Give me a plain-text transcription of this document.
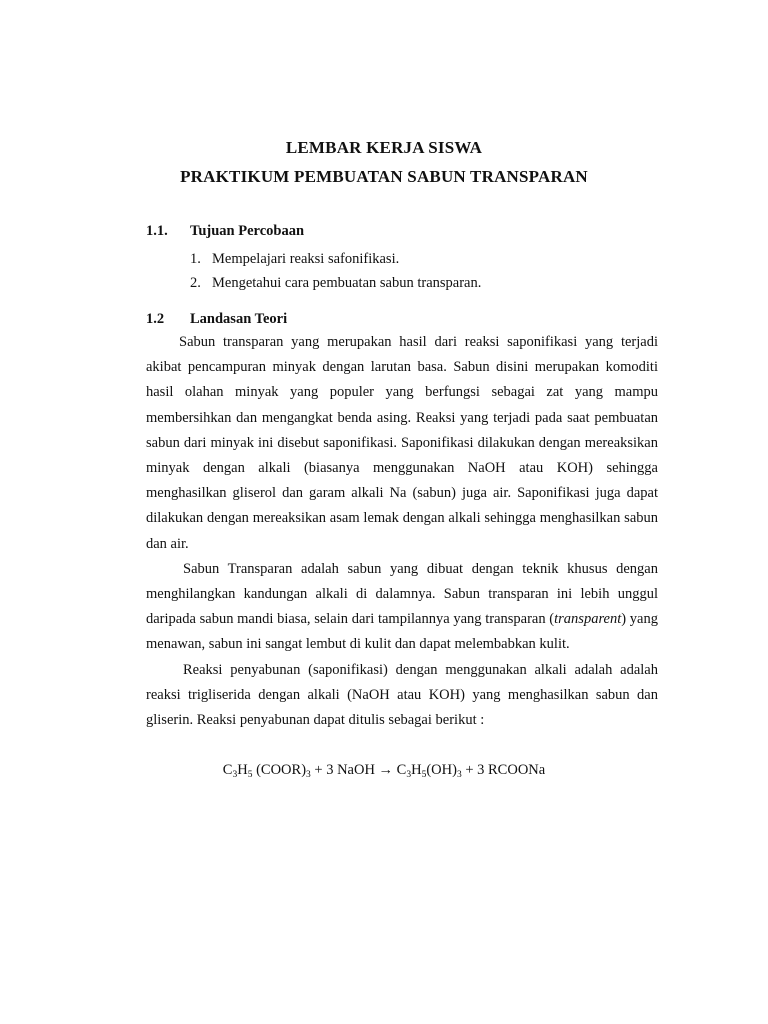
LEMBAR KERJA SISWA
PRAKTIKUM PEMBUATAN SABUN TRANSPARAN
1.1. Tujuan Percobaan
1. Mempelajari reaksi safonifikasi.
2. Mengetahui cara pembuatan sabun transparan.
1.2 Landasan Teori

Sabun transparan yang merupakan hasil dari reaksi saponifikasi yang terjadi akibat pencampuran minyak dengan larutan basa. Sabun disini merupakan komoditi hasil olahan minyak yang populer yang berfungsi sebagai zat yang mampu membersihkan dan mengangkat benda asing. Reaksi yang terjadi pada saat pembuatan sabun dari minyak ini disebut saponifikasi. Saponifikasi dilakukan dengan mereaksikan minyak dengan alkali (biasanya menggunakan NaOH atau KOH) sehingga menghasilkan gliserol dan garam alkali Na (sabun) juga air. Saponifikasi juga dapat dilakukan dengan mereaksikan asam lemak dengan alkali sehingga menghasilkan sabun dan air.

Sabun Transparan adalah sabun yang dibuat dengan teknik khusus dengan menghilangkan kandungan alkali di dalamnya. Sabun transparan ini lebih unggul daripada sabun mandi biasa, selain dari tampilannya yang transparan (transparent) yang menawan, sabun ini sangat lembut di kulit dan dapat melembabkan kulit.

Reaksi penyabunan (saponifikasi) dengan menggunakan alkali adalah adalah reaksi trigliserida dengan alkali (NaOH atau KOH) yang menghasilkan sabun dan gliserin. Reaksi penyabunan dapat ditulis sebagai berikut :

$C_3H_5$ $(COOR)_3 + 3$ NaOH → $C_3H_5(OH)_3 + 3$ RCOONa
